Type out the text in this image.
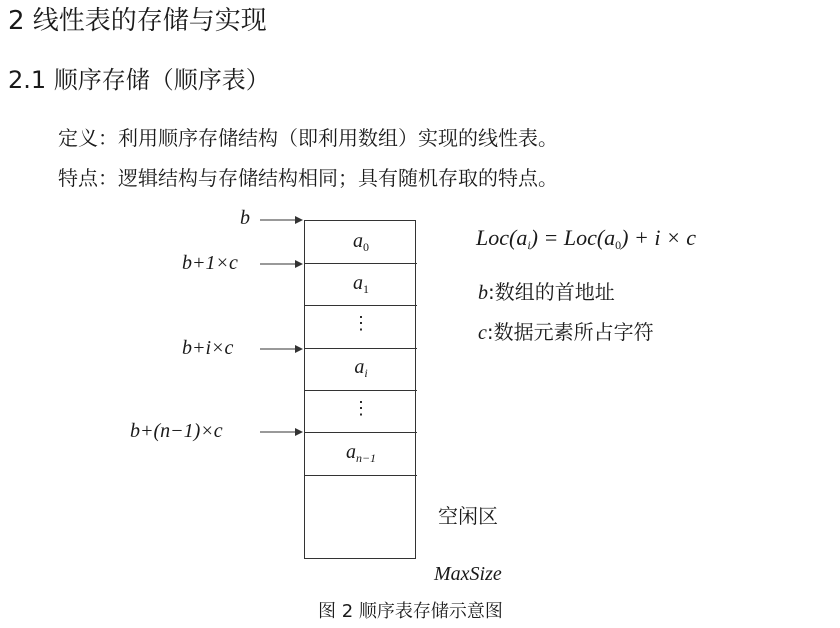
2 线性表的存储与实现
2.1 顺序存储（顺序表）
定义：利用顺序存储结构（即利用数组）实现的线性表。
特点：逻辑结构与存储结构相同；具有随机存取的特点。
b
b+1×c
b+i×c
b+(n−1)×c
$a_0$
$a_1$
⋮
$a_i$
⋮
$a_{n-1}$
空闲区
MaxSize
$Loc(a_i) = Loc(a_0) + i \times c$
b:数组的首地址
c:数据元素所占字符
图 2 顺序表存储示意图
